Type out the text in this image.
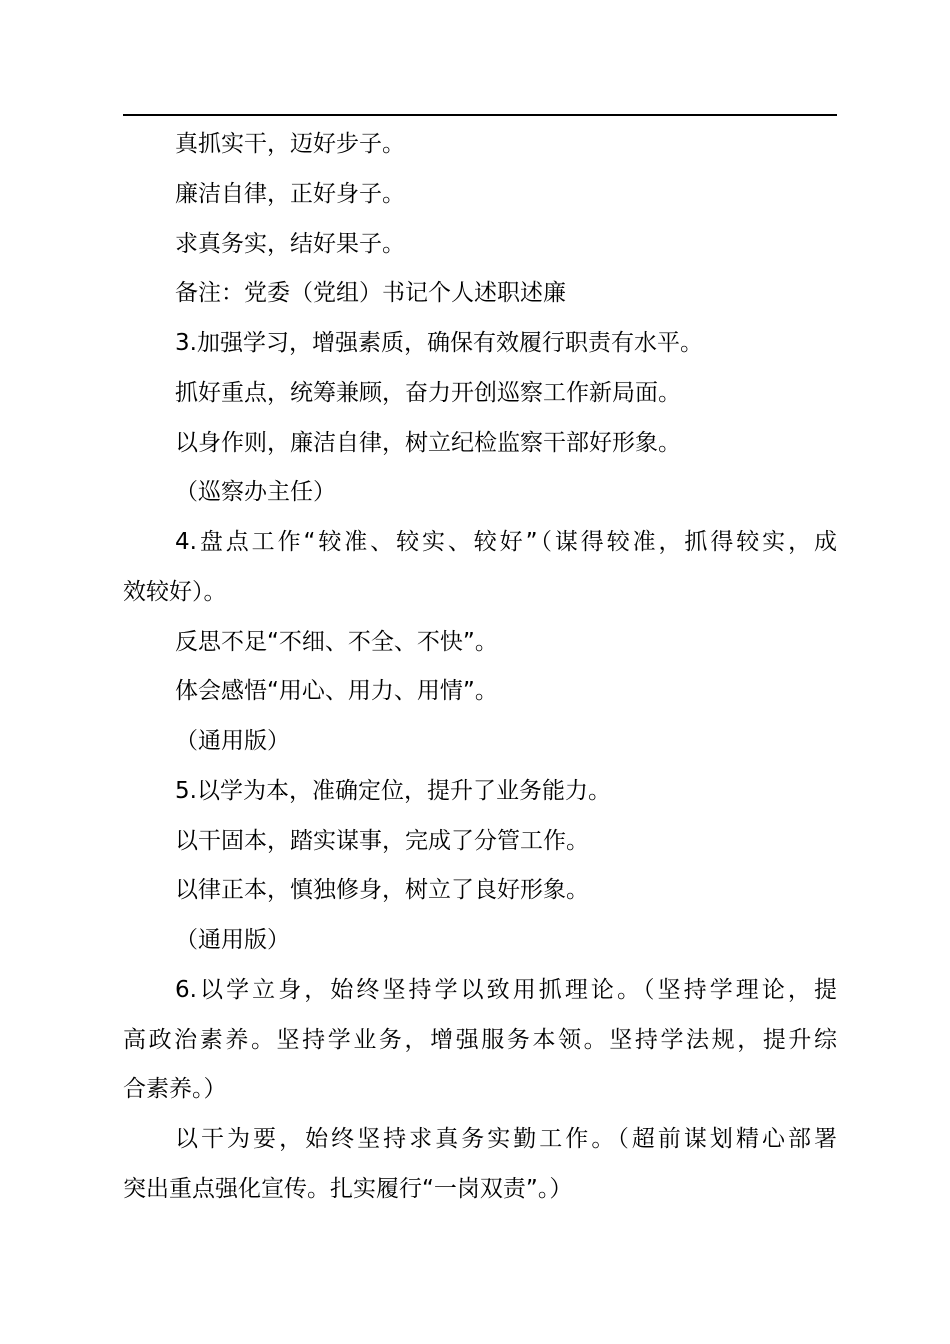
真抓实干，迈好步子。
廉洁自律，正好身子。
求真务实，结好果子。
备注：党委（党组）书记个人述职述廉
3.加强学习，增强素质，确保有效履行职责有水平。
抓好重点，统筹兼顾，奋力开创巡察工作新局面。
以身作则，廉洁自律，树立纪检监察干部好形象。
（巡察办主任）
4.盘点工作“较准、较实、较好”（谋得较准，抓得较实，成
效较好）。
反思不足“不细、不全、不快”。
体会感悟“用心、用力、用情”。
（通用版）
5.以学为本，准确定位，提升了业务能力。
以干固本，踏实谋事，完成了分管工作。
以律正本，慎独修身，树立了良好形象。
（通用版）
6.以学立身，始终坚持学以致用抓理论。（坚持学理论，提
高政治素养。坚持学业务，增强服务本领。坚持学法规，提升综
合素养。）
以干为要，始终坚持求真务实勤工作。（超前谋划精心部署
突出重点强化宣传。扎实履行“一岗双责”。）
